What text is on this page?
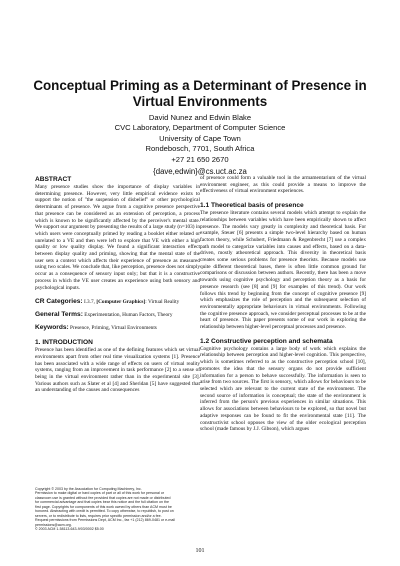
Conceptual Priming as a Determinant of Presence in
Virtual Environments
David Nunez and Edwin Blake
CVC Laboratory, Department of Computer Science
University of Cape Town
Rondebosch, 7701, South Africa
+27 21 650 2670
{dave,edwin}@cs.uct.ac.za
ABSTRACT

Many presence studies show the importance of display variables in determining presence. However, very little empirical evidence exists to support the notion of "the suspension of disbelief" or other psychological determinants of presence. We argue from a cognitive presence perspective that presence can be considered as an extension of perception, a process which is known to be significantly affected by the perceiver's mental state. We support our argument by presenting the results of a large study (n=103) in which users were conceptually primed by reading a booklet either related or unrelated to a VE and then were left to explore that VE with either a high quality or low quality display. We found a significant interaction effect between display quality and priming, showing that the mental state of the user sets a context which affects their experience of presence as measured using two scales. We conclude that, like perception, presence does not simply occur as a consequence of sensory input only; but that it is a constructive process in which the VE user creates an experience using both sensory and psychological inputs.

CR Categories: I.3.7, [Computer Graphics]: Virtual Reality

General Terms: Experimentation, Human Factors, Theory

Keywords: Presence, Priming, Virtual Environments

1. INTRODUCTION

Presence has been identified as one of the defining features which set virtual environments apart from other real time visualization systems [1]. Presence has been associated with a wide range of effects on users of virtual reality systems, ranging from an improvement in task performance [2] to a sense of being in the virtual environment rather than in the experimental site [3]. Various authors such as Slater et al [4] and Sheridan [5] have suggested that an understanding of the causes and consequences

of presence could form a valuable tool in the armamentarium of the virtual environment engineer, as this could provide a means to improve the effectiveness of virtual environment experiences.

1.1 Theoretical basis of presence

The presence literature contains several models which attempt to explain the relationships between variables which have been empirically shown to affect presence. The models vary greatly in complexity and theoretical basis. For example, Steuer [6] presents a simple two-level hierarchy based on human factors theory, while Schubert, Friedmann & Regenbrecht [7] use a complex path model to categorize variables into causes and effects, based on a data-driven, mostly atheoretical approach. This diversity in theoretical basis creates some serious problems for presence theorists. Because models use quite different theoretical bases, there is often little common ground for comparisons or discussion between authors. Recently, there has been a move towards using cognitive psychology and perception theory as a basis for presence research (see [8] and [9] for examples of this trend). Our work follows this trend by beginning from the concept of cognitive presence [9] which emphasizes the role of perception and the subsequent selection of environmentally appropriate behaviours in virtual environments. Following the cognitive presence approach, we consider perceptual processes to be at the heart of presence. This paper presents some of our work in exploring the relationship between higher-level perceptual processes and presence.

1.2 Constructive perception and schemata

Cognitive psychology contains a large body of work which explains the relationship between perception and higher-level cognition. This perspective, which is sometimes referred to as the constructive perception school [10], promotes the idea that the sensory organs do not provide sufficient information for a person to behave successfully. The information is seen to arise from two sources. The first is sensory, which allows for behaviours to be selected which are relevant to the current state of the environment. The second source of information is conceptual; the state of the environment is inferred from the person's previous experiences in similar situations. This allows for associations between behaviours to be explored, so that novel but adaptive responses can be found to fit the environmental state [11]. The constructivist school opposes the view of the older ecological perception school (made famous by J.J. Gibson), which argues

Copyright © 2003 by the Association for Computing Machinery, Inc.
Permission to make digital or hard copies of part or all of this work for personal or
classroom use is granted without fee provided that copies are not made or distributed
for commercial advantage and that copies bear this notice and the full citation on the
first page. Copyrights for components of this work owned by others than ACM must be
honored. Abstracting with credit is permitted. To copy otherwise, to republish, to post on
servers, or to redistribute to lists, requires prior specific permission and/or a fee.
Request permissions from Permissions Dept, ACM Inc., fax +1 (212) 869-0481 or e-mail
permissions@acm.org.
© 2003 ACM 1-58113-643-9/03/0002 $5.00
101
